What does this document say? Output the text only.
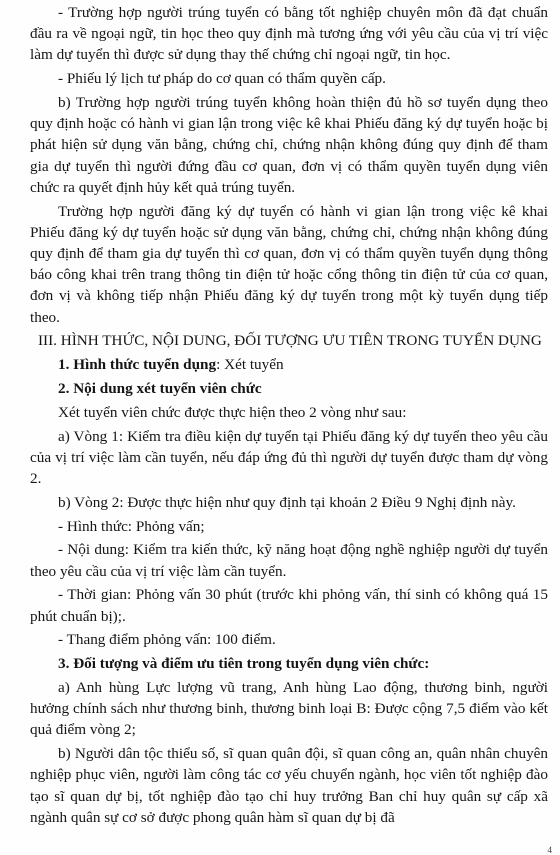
- Trường hợp người trúng tuyển có bằng tốt nghiệp chuyên môn đã đạt chuẩn đầu ra về ngoại ngữ, tin học theo quy định mà tương ứng với yêu cầu của vị trí việc làm dự tuyển thì được sử dụng thay thế chứng chỉ ngoại ngữ, tin học.

- Phiếu lý lịch tư pháp do cơ quan có thẩm quyền cấp.

b) Trường hợp người trúng tuyển không hoàn thiện đủ hồ sơ tuyển dụng theo quy định hoặc có hành vi gian lận trong việc kê khai Phiếu đăng ký dự tuyển hoặc bị phát hiện sử dụng văn bằng, chứng chỉ, chứng nhận không đúng quy định để tham gia dự tuyển thì người đứng đầu cơ quan, đơn vị có thẩm quyền tuyển dụng viên chức ra quyết định hủy kết quả trúng tuyển.

Trường hợp người đăng ký dự tuyển có hành vi gian lận trong việc kê khai Phiếu đăng ký dự tuyển hoặc sử dụng văn bằng, chứng chỉ, chứng nhận không đúng quy định để tham gia dự tuyển thì cơ quan, đơn vị có thẩm quyền tuyển dụng thông báo công khai trên trang thông tin điện tử hoặc cổng thông tin điện tử của cơ quan, đơn vị và không tiếp nhận Phiếu đăng ký dự tuyển trong một kỳ tuyển dụng tiếp theo.

III. HÌNH THỨC, NỘI DUNG, ĐỐI TƯỢNG ƯU TIÊN TRONG TUYỂN DỤNG

1. Hình thức tuyển dụng: Xét tuyển

2. Nội dung xét tuyển viên chức

Xét tuyển viên chức được thực hiện theo 2 vòng như sau:

a) Vòng 1: Kiểm tra điều kiện dự tuyển tại Phiếu đăng ký dự tuyển theo yêu cầu của vị trí việc làm cần tuyển, nếu đáp ứng đủ thì người dự tuyển được tham dự vòng 2.

b) Vòng 2: Được thực hiện như quy định tại khoản 2 Điều 9 Nghị định này.

- Hình thức: Phỏng vấn;

- Nội dung: Kiểm tra kiến thức, kỹ năng hoạt động nghề nghiệp người dự tuyển theo yêu cầu của vị trí việc làm cần tuyển.

- Thời gian: Phỏng vấn 30 phút (trước khi phỏng vấn, thí sinh có không quá 15 phút chuẩn bị);.

- Thang điểm phỏng vấn: 100 điểm.

3. Đối tượng và điểm ưu tiên trong tuyển dụng viên chức:

a) Anh hùng Lực lượng vũ trang, Anh hùng Lao động, thương binh, người hưởng chính sách như thương binh, thương binh loại B: Được cộng 7,5 điểm vào kết quả điểm vòng 2;

b) Người dân tộc thiểu số, sĩ quan quân đội, sĩ quan công an, quân nhân chuyên nghiệp phục viên, người làm công tác cơ yếu chuyển ngành, học viên tốt nghiệp đào tạo sĩ quan dự bị, tốt nghiệp đào tạo chỉ huy trưởng Ban chỉ huy quân sự cấp xã ngành quân sự cơ sở được phong quân hàm sĩ quan dự bị đã

4
